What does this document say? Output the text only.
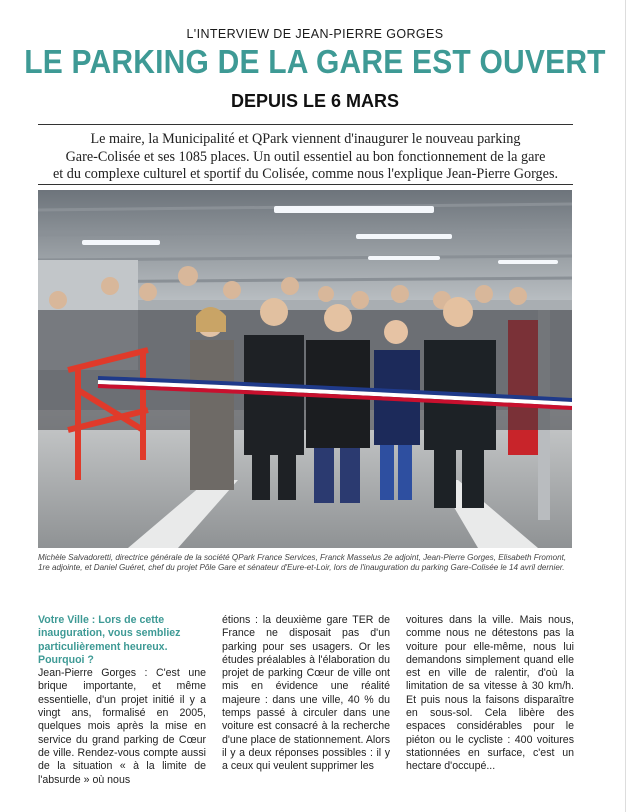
L'INTERVIEW DE JEAN-PIERRE GORGES
LE PARKING DE LA GARE EST OUVERT
DEPUIS LE 6 MARS
Le maire, la Municipalité et QPark viennent d'inaugurer le nouveau parking
Gare-Colisée et ses 1085 places. Un outil essentiel au bon fonctionnement de la gare
et du complexe culturel et sportif du Colisée, comme nous l'explique Jean-Pierre Gorges.
Michèle Salvadoretti, directrice générale de la société QPark France Services, Franck Masselus 2e adjoint, Jean-Pierre Gorges, Elisabeth Fromont, 1re adjointe, et Daniel Guéret, chef du projet Pôle Gare et sénateur d'Eure-et-Loir, lors de l'inauguration du parking Gare-Colisée le 14 avril dernier.
Votre Ville : Lors de cette inauguration, vous sembliez particulièrement heureux. Pourquoi ?
Jean-Pierre Gorges : C'est une brique importante, et même essentielle, d'un projet initié il y a vingt ans, formalisé en 2005, quelques mois après la mise en service du grand parking de Cœur de ville. Rendez-vous compte aussi de la situation « à la limite de l'absurde » où nous
étions : la deuxième gare TER de France ne disposait pas d'un parking pour ses usagers. Or les études préalables à l'élaboration du projet de parking Cœur de ville ont mis en évidence une réalité majeure : dans une ville, 40 % du temps passé à circuler dans une voiture est consacré à la recherche d'une place de stationnement. Alors il y a deux réponses possibles : il y a ceux qui veulent supprimer les
voitures dans la ville. Mais nous, comme nous ne détestons pas la voiture pour elle-même, nous lui demandons simplement quand elle est en ville de ralentir, d'où la limitation de sa vitesse à 30 km/h. Et puis nous la faisons disparaître en sous-sol. Cela libère des espaces considérables pour le piéton ou le cycliste : 400 voitures stationnées en surface, c'est un hectare d'occupé...
